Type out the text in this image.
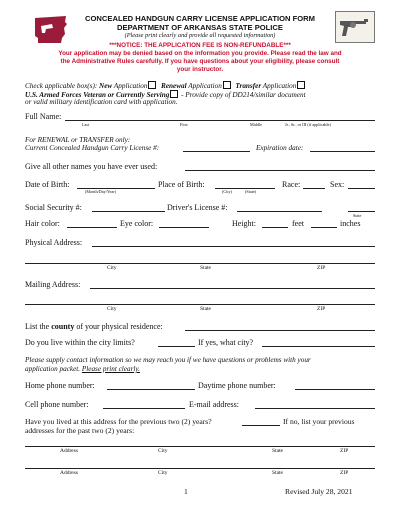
CONCEALED HANDGUN CARRY LICENSE APPLICATION FORM
DEPARTMENT OF ARKANSAS STATE POLICE
(Please print clearly and provide all requested information)
***NOTICE: THE APPLICATION FEE IS NON-REFUNDABLE***
Your application may be denied based on the information you provide. Please read the law and
the Administrative Rules carefully. If you have questions about your eligibility, please consult
your instructor.
Check applicable box(s): New Application Renewal Application Transfer Application
U.S. Armed Forces Veteran or Currently Serving - Provide copy of DD214/similar document
or valid military identification card with application.
Full Name:
Last	First	Middle	Jr., Sr., or III (if applicable)
For RENEWAL or TRANSFER only:
Current Concealed Handgun Carry License #:	Expiration date:
Give all other names you have ever used:
Date of Birth:
(Month/Day/Year)
Place of Birth:
(City)	(State)
Race:	Sex:
Social Security #:	Driver's License #:
State
Hair color:	Eye color:	Height:	feet	inches
Physical Address:
City	State	ZIP
Mailing Address:
City	State	ZIP
List the county of your physical residence:
Do you live within the city limits?	If yes, what city?
Please supply contact information so we may reach you if we have questions or problems with your
application packet. Please print clearly.
Home phone number:	Daytime phone number:
Cell phone number:	E-mail address:
Have you lived at this address for the previous two (2) years?	If no, list your previous
addresses for the past two (2) years:
Address	City	State	ZIP
Address	City	State	ZIP
1	Revised July 28, 2021
